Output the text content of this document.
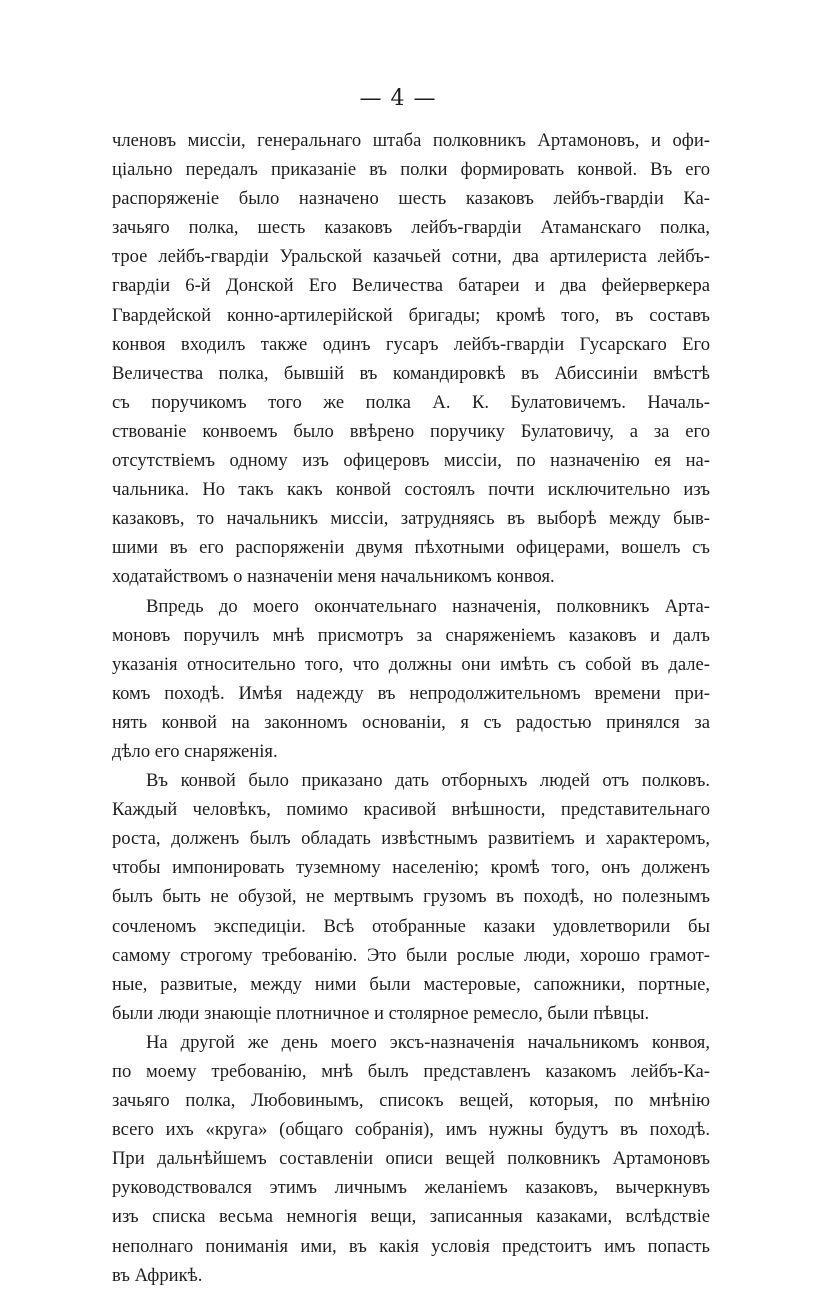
— 4 —
членовъ миссiи, генеральнаго штаба полковникъ Артамоновъ, и офи-
цiально передалъ приказанiе въ полки формировать конвой. Въ его
распоряженiе было назначено шесть казаковъ лейбъ-гвардiи Ка-
зачьяго полка, шесть казаковъ лейбъ-гвардiи Атаманскаго полка,
трое лейбъ-гвардiи Уральской казачьей сотни, два артилериста лейбъ-
гвардiи 6-й Донской Его Величества батареи и два фейерверкера
Гвардейской конно-артилерiйской бригады; кромѣ того, въ составъ
конвоя входилъ также одинъ гусаръ лейбъ-гвардiи Гусарскаго Его
Величества полка, бывшiй въ командировкѣ въ Абиссинiи вмѣстѣ
съ поручикомъ того же полка А. К. Булатовичемъ. Началь-
ствованiе конвоемъ было ввѣрено поручику Булатовичу, а за его
отсутствiемъ одному изъ офицеровъ миссiи, по назначенiю ея на-
чальника. Но такъ какъ конвой состоялъ почти исключительно изъ
казаковъ, то начальникъ миссiи, затрудняясь въ выборѣ между быв-
шими въ его распоряженiи двумя пѣхотными офицерами, вошелъ съ
ходатайствомъ о назначенiи меня начальникомъ конвоя.
Впредь до моего окончательнаго назначенiя, полковникъ Арта-
моновъ поручилъ мнѣ присмотръ за снаряженiемъ казаковъ и далъ
указанiя относительно того, что должны они имѣть съ собой въ дале-
комъ походѣ. Имѣя надежду въ непродолжительномъ времени при-
нять конвой на законномъ основанiи, я съ радостью принялся за
дѣло его снаряженiя.
Въ конвой было приказано дать отборныхъ людей отъ полковъ.
Каждый человѣкъ, помимо красивой внѣшности, представительнаго
роста, долженъ былъ обладать извѣстнымъ развитiемъ и характеромъ,
чтобы импонировать туземному населенiю; кромѣ того, онъ долженъ
былъ быть не обузой, не мертвымъ грузомъ въ походѣ, но полезнымъ
сочленомъ экспедицiи. Всѣ отобранные казаки удовлетворили бы
самому строгому требованiю. Это были рослые люди, хорошо грамот-
ные, развитые, между ними были мастеровые, сапожники, портные,
были люди знающiе плотничное и столярное ремесло, были пѣвцы.
На другой же день моего эксъ-назначенiя начальникомъ конвоя,
по моему требованiю, мнѣ былъ представленъ казакомъ лейбъ-Ка-
зачьяго полка, Любовинымъ, списокъ вещей, которыя, по мнѣнiю
всего ихъ «круга» (общаго собранiя), имъ нужны будутъ въ походѣ.
При дальнѣйшемъ составленiи описи вещей полковникъ Артамоновъ
руководствовался этимъ личнымъ желанiемъ казаковъ, вычеркнувъ
изъ списка весьма немногiя вещи, записанныя казаками, вслѣдствiе
неполнаго пониманiя ими, въ какiя условiя предстоитъ имъ попасть
въ Африкѣ.
